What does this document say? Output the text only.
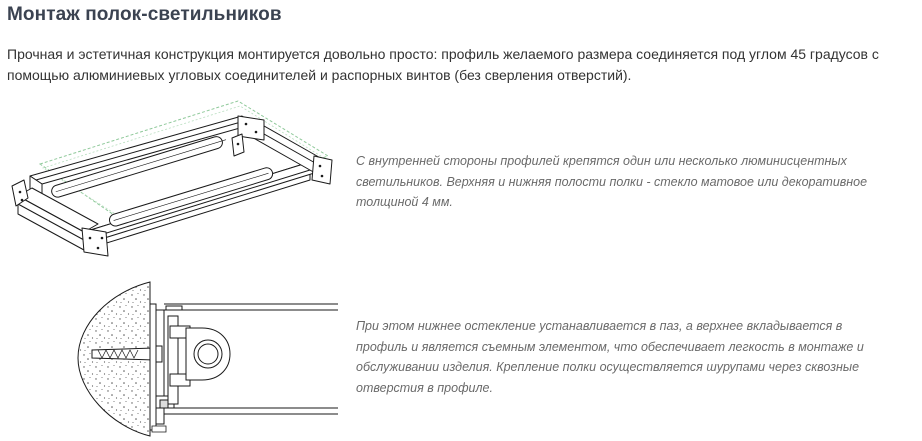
Монтаж полок-светильников

Прочная и эстетичная конструкция монтируется довольно просто: профиль желаемого размера соединяется под углом 45 градусов с
помощью алюминиевых угловых соединителей и распорных винтов (без сверления отверстий).

С внутренней стороны профилей крепятся один или несколько люминисцентных
светильников. Верхняя и нижняя полости полки - стекло матовое или декоративное
толщиной 4 мм.

При этом нижнее остекление устанавливается в паз, а верхнее вкладывается в
профиль и является съемным элементом, что обеспечивает легкость в монтаже и
обслуживании изделия. Крепление полки осуществляется шурупами через сквозные
отверстия в профиле.
